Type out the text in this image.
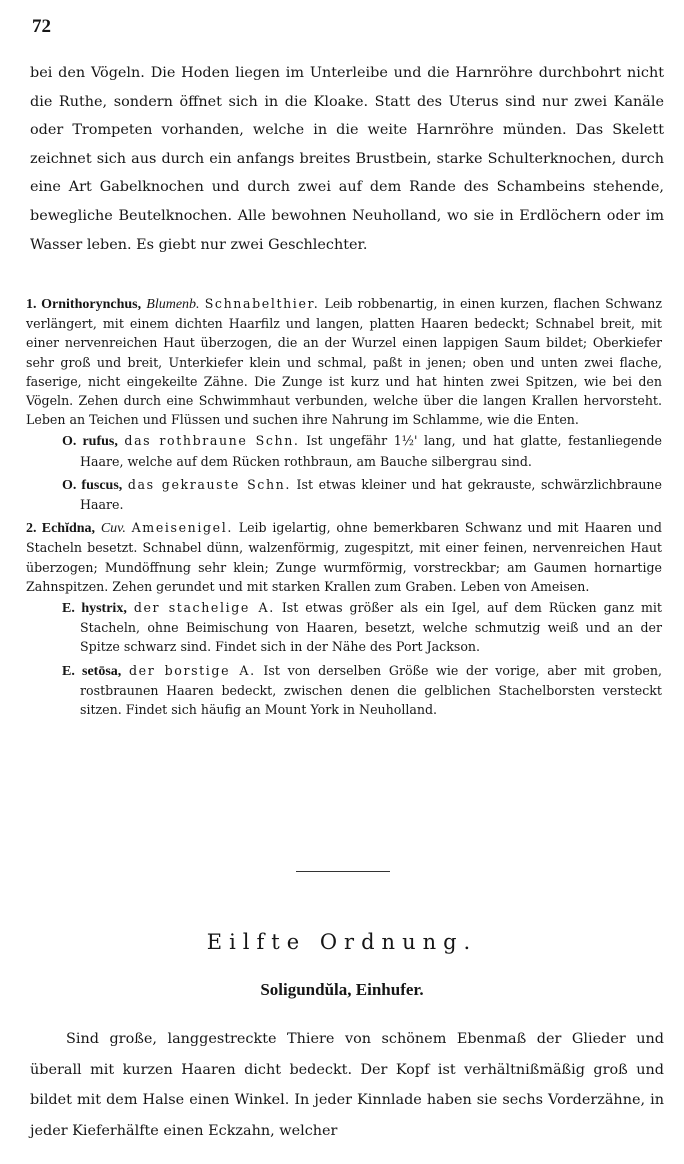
72

bei den Vögeln. Die Hoden liegen im Unterleibe und die Harnröhre durchbohrt nicht die Ruthe, sondern öffnet sich in die Kloake. Statt des Uterus sind nur zwei Kanäle oder Trompeten vorhanden, welche in die weite Harnröhre münden. Das Skelett zeichnet sich aus durch ein anfangs breites Brustbein, starke Schulterknochen, durch eine Art Gabelknochen und durch zwei auf dem Rande des Schambeins stehende, bewegliche Beutelknochen. Alle bewohnen Neuholland, wo sie in Erdlöchern oder im Wasser leben. Es giebt nur zwei Geschlechter.

1. Ornithorynchus, Blumenb. Schnabelthier. Leib robbenartig, in einen kurzen, flachen Schwanz verlängert, mit einem dichten Haarfilz und langen, platten Haaren bedeckt; Schnabel breit, mit einer nervenreichen Haut überzogen, die an der Wurzel einen lappigen Saum bildet; Oberkiefer sehr groß und breit, Unterkiefer klein und schmal, paßt in jenen; oben und unten zwei flache, faserige, nicht eingekeilte Zähne. Die Zunge ist kurz und hat hinten zwei Spitzen, wie bei den Vögeln. Zehen durch eine Schwimmhaut verbunden, welche über die langen Krallen hervorsteht. Leben an Teichen und Flüssen und suchen ihre Nahrung im Schlamme, wie die Enten.

O. rufus, das rothbraune Schn. Ist ungefähr 1½' lang, und hat glatte, festanliegende Haare, welche auf dem Rücken rothbraun, am Bauche silbergrau sind.

O. fuscus, das gekrauste Schn. Ist etwas kleiner und hat gekrauste, schwärzlichbraune Haare.

2. Echĭdna, Cuv. Ameisenigel. Leib igelartig, ohne bemerkbaren Schwanz und mit Haaren und Stacheln besetzt. Schnabel dünn, walzenförmig, zugespitzt, mit einer feinen, nervenreichen Haut überzogen; Mundöffnung sehr klein; Zunge wurmförmig, vorstreckbar; am Gaumen hornartige Zahnspitzen. Zehen gerundet und mit starken Krallen zum Graben. Leben von Ameisen.

E. hystrix, der stachelige A. Ist etwas größer als ein Igel, auf dem Rücken ganz mit Stacheln, ohne Beimischung von Haaren, besetzt, welche schmutzig weiß und an der Spitze schwarz sind. Findet sich in der Nähe des Port Jackson.

E. setōsa, der borstige A. Ist von derselben Größe wie der vorige, aber mit groben, rostbraunen Haaren bedeckt, zwischen denen die gelblichen Stachelborsten versteckt sitzen. Findet sich häufig an Mount York in Neuholland.

Eilfte Ordnung.
Soligundŭla, Einhufer.

Sind große, langgestreckte Thiere von schönem Ebenmaß der Glieder und überall mit kurzen Haaren dicht bedeckt. Der Kopf ist verhältnißmäßig groß und bildet mit dem Halse einen Winkel. In jeder Kinnlade haben sie sechs Vorderzähne, in jeder Kieferhälfte einen Eckzahn, welcher
